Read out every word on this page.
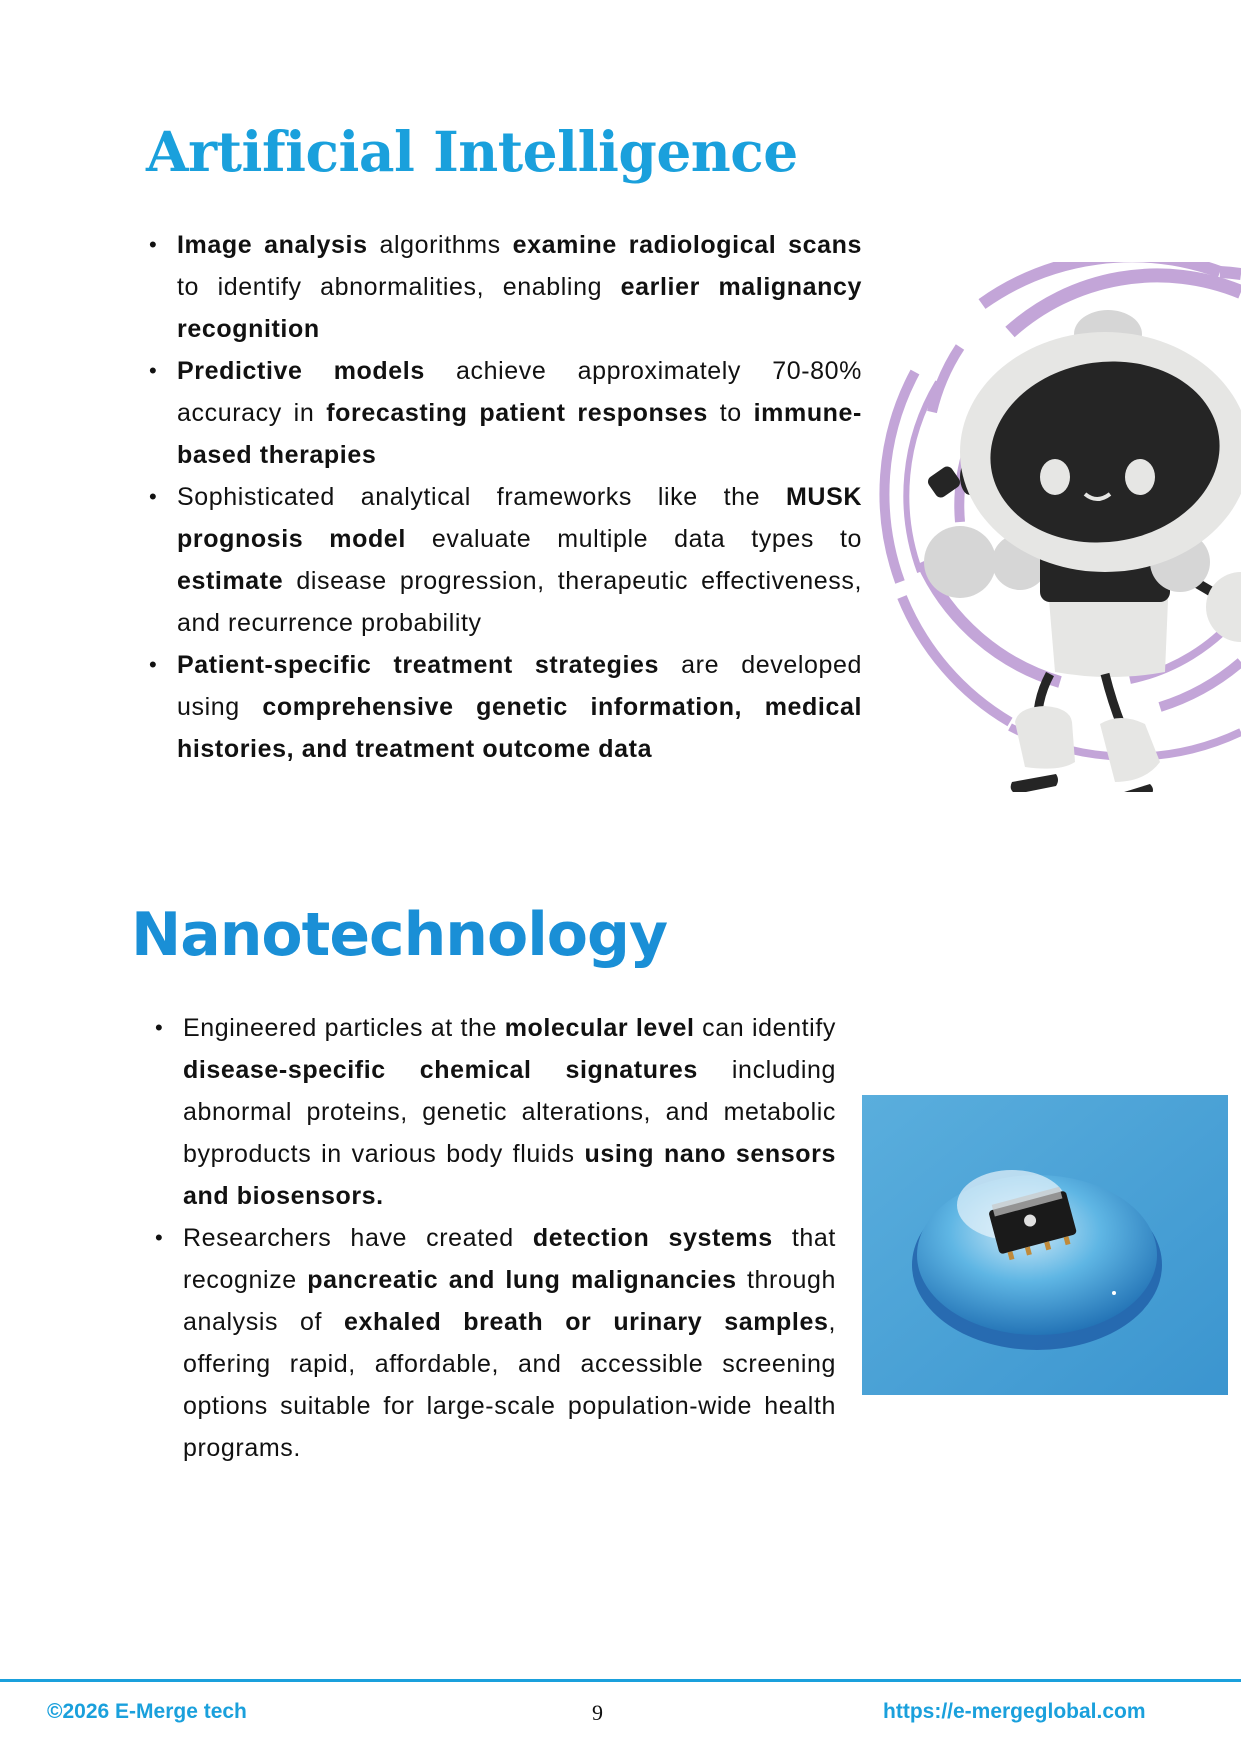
Artificial Intelligence
• Image analysis algorithms examine radiological scans to identify abnormalities, enabling earlier malignancy recognition
• Predictive models achieve approximately 70-80% accuracy in forecasting patient responses to immune-based therapies
• Sophisticated analytical frameworks like the MUSK prognosis model evaluate multiple data types to estimate disease progression, therapeutic effectiveness, and recurrence probability
• Patient-specific treatment strategies are developed using comprehensive genetic information, medical histories, and treatment outcome data
Nanotechnology
• Engineered particles at the molecular level can identify disease-specific chemical signatures including abnormal proteins, genetic alterations, and metabolic byproducts in various body fluids using nano sensors and biosensors.
• Researchers have created detection systems that recognize pancreatic and lung malignancies through analysis of exhaled breath or urinary samples, offering rapid, affordable, and accessible screening options suitable for large-scale population-wide health programs.
©2026 E-Merge tech	9	https://e-mergeglobal.com
